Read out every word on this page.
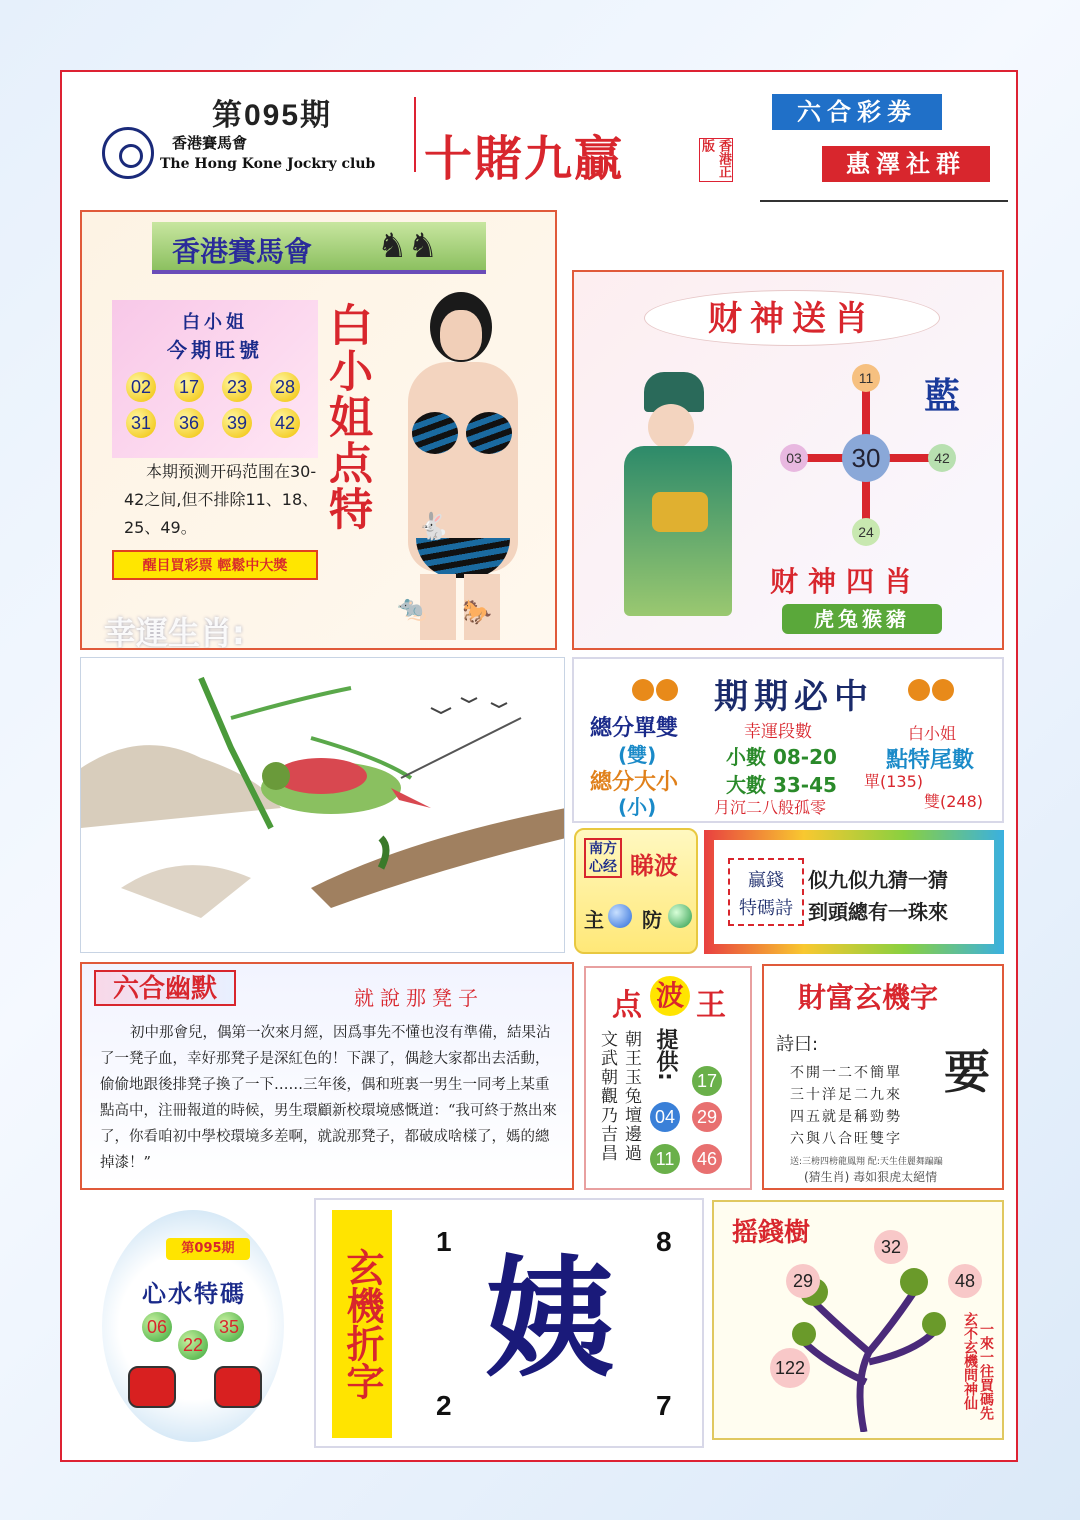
第095期
香港賽馬會
The Hong Kone Jockry club 十賭九贏	香港正版
六合彩劵
惠澤社群
香港賽馬會 ♞♞
白小姐
今期旺號
02 17 23 28
31 36 39 42
本期预测开码范围在30-42之间,但不排除11、18、25、49。
醒目買彩票 輕鬆中大獎
白小姐点特 🐇
🐀 🐎
幸運生肖:
财神送肖
30
11
03	42
24
藍
财神四肖
虎兔猴豬
期期必中
總分單雙
(雙)
總分大小
(小)
幸運段數
小數 08-20
大數 33-45
月沉二八般孤零
白小姐
點特尾數
單(135)
雙(248)
南方心经 睇波
主 防
贏錢
特碼詩
似九似九猜一猜
到頭總有一珠來
六合幽默	就說那凳子
初中那會兒，偶第一次來月經，因爲事先不懂也沒有準備，結果沾了一凳子血，幸好那凳子是深紅色的！下課了，偶趁大家都出去活動，偷偷地跟後排凳子換了一下……三年後，偶和班裏一男生一同考上某重點高中，注冊報道的時候，男生環顧新校環境感慨道：“我可終于熬出來了，你看咱初中學校環境多差啊，就說那凳子，都破成啥樣了，媽的總掉漆！”
点 波 王
文武朝觀乃吉昌 朝王玉兔壇邊過 提供:
17
04 29
11	46
財富玄機字
詩曰:
要
不開一二不簡單
三十洋足二九來
四五就是稱勁勢
六與八合旺雙字
送:三榜四榜龍鳳翔 配:天生佳麗舞蹁蹁
(猜生肖) 毒如狠虎太絕情
第095期
心水特碼
06
22
35	玄機折字
1	8
2	7
姨
摇錢樹	32
29	48
122	一來一往買碼先
玄不玄機問神仙
